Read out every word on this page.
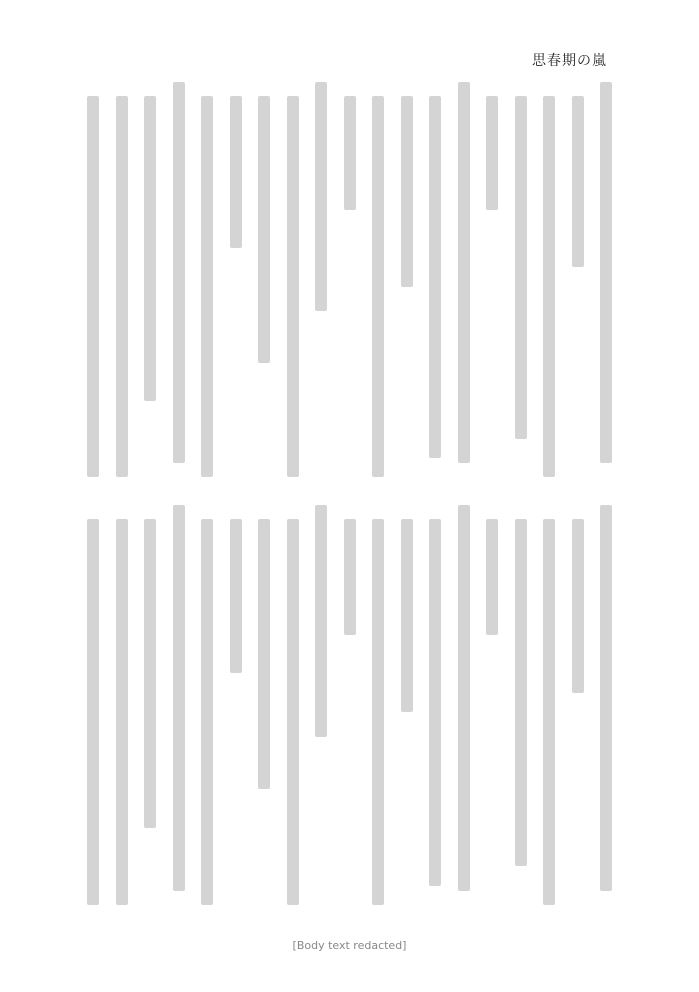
思春期の嵐
[Body text redacted]
